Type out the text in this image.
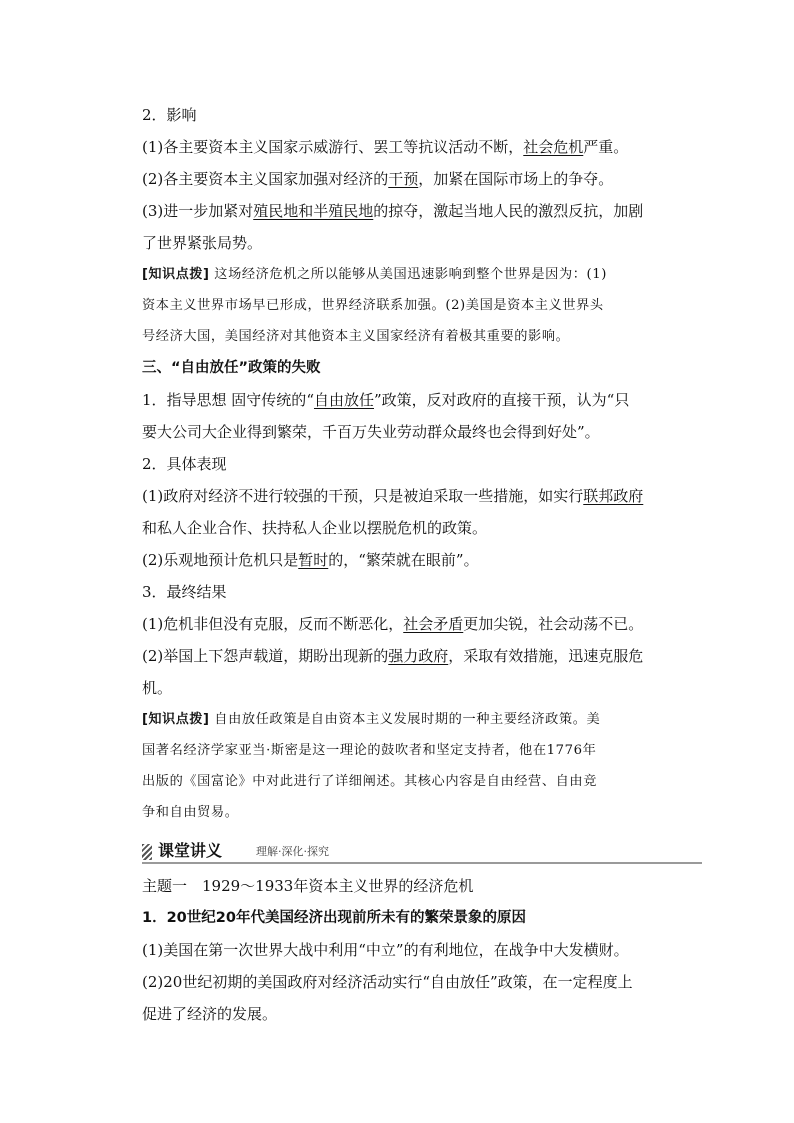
2．影响
(1)各主要资本主义国家示威游行、罢工等抗议活动不断，社会危机严重。
(2)各主要资本主义国家加强对经济的干预，加紧在国际市场上的争夺。
(3)进一步加紧对殖民地和半殖民地的掠夺，激起当地人民的激烈反抗，加剧
了世界紧张局势。
[知识点拨] 这场经济危机之所以能够从美国迅速影响到整个世界是因为：(1)
资本主义世界市场早已形成，世界经济联系加强。(2)美国是资本主义世界头
号经济大国，美国经济对其他资本主义国家经济有着极其重要的影响。
三、“自由放任”政策的失败
1．指导思想 固守传统的“自由放任”政策，反对政府的直接干预，认为“只
要大公司大企业得到繁荣，千百万失业劳动群众最终也会得到好处”。
2．具体表现
(1)政府对经济不进行较强的干预，只是被迫采取一些措施，如实行联邦政府
和私人企业合作、扶持私人企业以摆脱危机的政策。
(2)乐观地预计危机只是暂时的，“繁荣就在眼前”。
3．最终结果
(1)危机非但没有克服，反而不断恶化，社会矛盾更加尖锐，社会动荡不已。
(2)举国上下怨声载道，期盼出现新的强力政府，采取有效措施，迅速克服危
机。
[知识点拨] 自由放任政策是自由资本主义发展时期的一种主要经济政策。美
国著名经济学家亚当·斯密是这一理论的鼓吹者和坚定支持者，他在1776年
出版的《国富论》中对此进行了详细阐述。其核心内容是自由经营、自由竞
争和自由贸易。
课堂讲义	理解·深化·探究
主题一　1929～1933年资本主义世界的经济危机
1．20世纪20年代美国经济出现前所未有的繁荣景象的原因
(1)美国在第一次世界大战中利用“中立”的有利地位，在战争中大发横财。
(2)20世纪初期的美国政府对经济活动实行“自由放任”政策，在一定程度上
促进了经济的发展。
